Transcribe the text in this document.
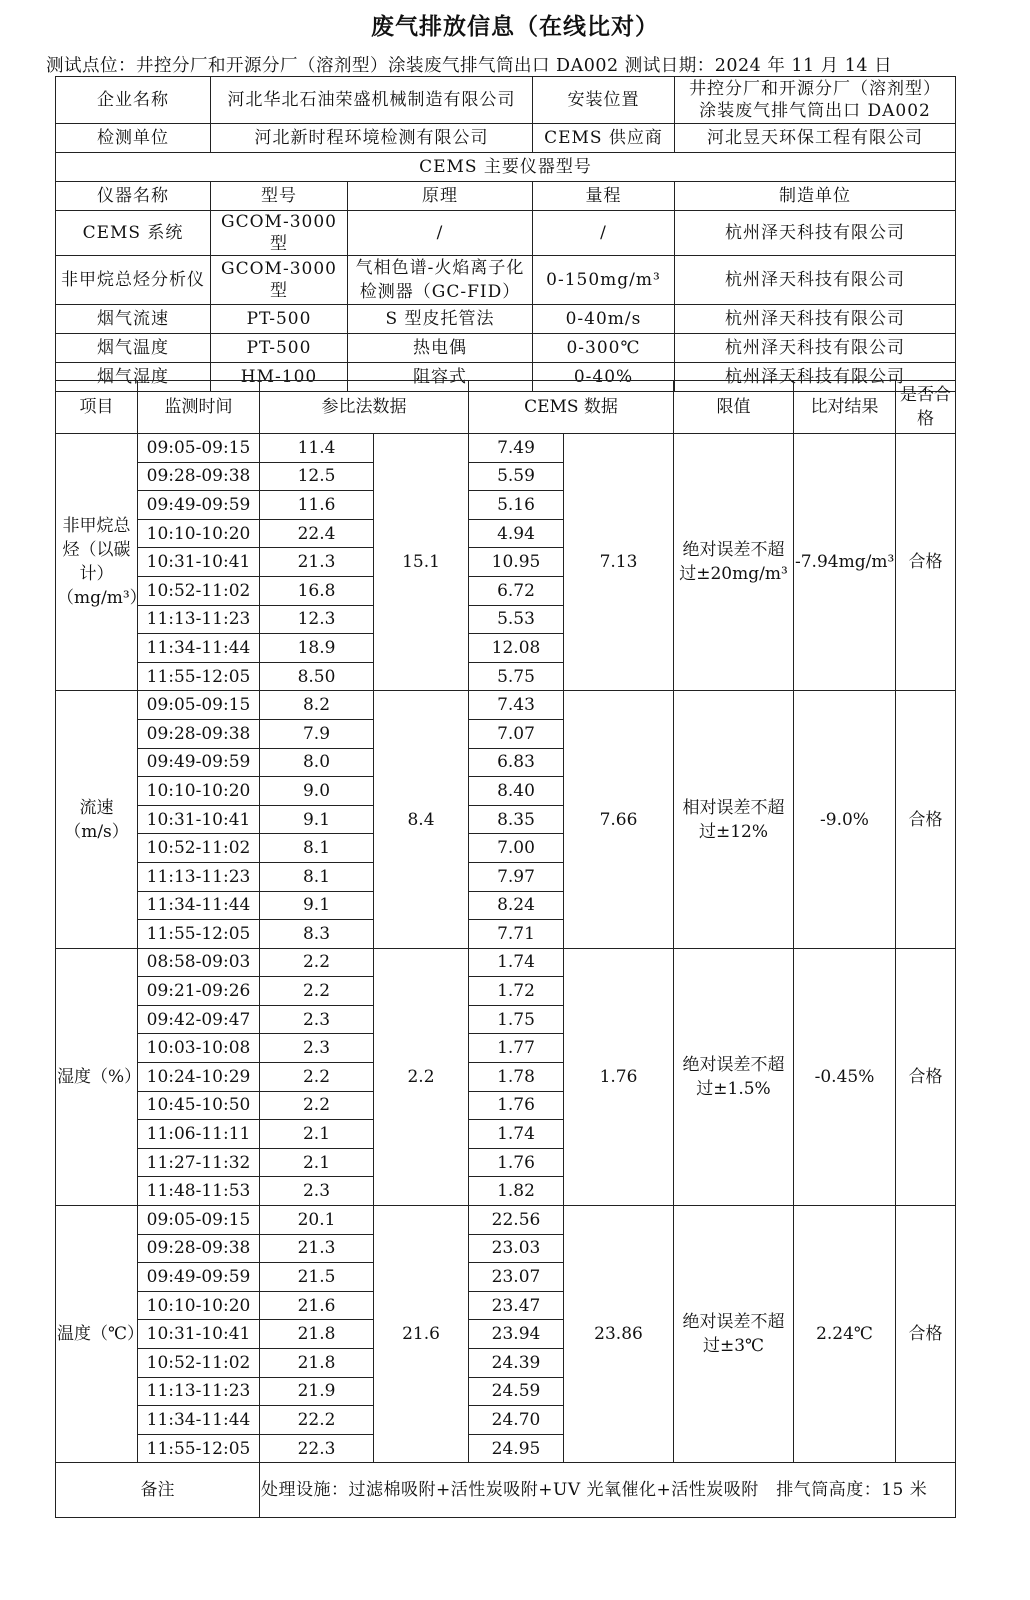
废气排放信息（在线比对）
测试点位：井控分厂和开源分厂（溶剂型）涂装废气排气筒出口 DA002 测试日期：2024 年 11 月 14 日
企业名称	河北华北石油荣盛机械制造有限公司		安装位置	井控分厂和开源分厂（溶剂型）
涂装废气排气筒出口 DA002

检测单位	河北新时程环境检测有限公司		CEMS 供应商	河北昱天环保工程有限公司
CEMS 主要仪器型号				
仪器名称	型号	原理	量程	制造单位
CEMS 系统	GCOM-3000 型	/	/	杭州泽天科技有限公司
非甲烷总烃分析仪	GCOM-3000 型	气相色谱-火焰离子化检测器（GC-FID）	0-150mg/m³	杭州泽天科技有限公司
烟气流速	PT-500	S 型皮托管法	0-40m/s	杭州泽天科技有限公司
烟气温度	PT-500	热电偶	0-300℃	杭州泽天科技有限公司
烟气湿度	HM-100	阻容式	0-40%	杭州泽天科技有限公司
项目	监测时间	参比法数据		CEMS 数据		限值	比对结果	是否合格
非甲烷总烃（以碳计）（mg/m³）	09:05-09:15	11.4	15.1	7.49	7.13	绝对误差不超过±20mg/m³	-7.94mg/m³	合格
	09:28-09:38	12.5		5.59				
	09:49-09:59	11.6		5.16				
	10:10-10:20	22.4		4.94				
	10:31-10:41	21.3		10.95				
	10:52-11:02	16.8		6.72				
	11:13-11:23	12.3		5.53				
	11:34-11:44	18.9		12.08				
	11:55-12:05	8.50		5.75				
流速（m/s）	09:05-09:15	8.2	8.4	7.43	7.66	相对误差不超过±12%	-9.0%	合格
	09:28-09:38	7.9		7.07				
	09:49-09:59	8.0		6.83				
	10:10-10:20	9.0		8.40				
	10:31-10:41	9.1		8.35				
	10:52-11:02	8.1		7.00				
	11:13-11:23	8.1		7.97				
	11:34-11:44	9.1		8.24				
	11:55-12:05	8.3		7.71				
湿度（%）	08:58-09:03	2.2	2.2	1.74	1.76	绝对误差不超过±1.5%	-0.45%	合格
	09:21-09:26	2.2		1.72				
	09:42-09:47	2.3		1.75				
	10:03-10:08	2.3		1.77				
	10:24-10:29	2.2		1.78				
	10:45-10:50	2.2		1.76				
	11:06-11:11	2.1		1.74				
	11:27-11:32	2.1		1.76				
	11:48-11:53	2.3		1.82				
温度（℃）	09:05-09:15	20.1	21.6	22.56	23.86	绝对误差不超过±3℃	2.24℃	合格
	09:28-09:38	21.3		23.03				
	09:49-09:59	21.5		23.07				
	10:10-10:20	21.6		23.47				
	10:31-10:41	21.8		23.94				
	10:52-11:02	21.8		24.39				
	11:13-11:23	21.9		24.59				
	11:34-11:44	22.2		24.70				
	11:55-12:05	22.3		24.95				
备注		处理设施：过滤棉吸附+活性炭吸附+UV 光氧催化+活性炭吸附　排气筒高度：15 米						
